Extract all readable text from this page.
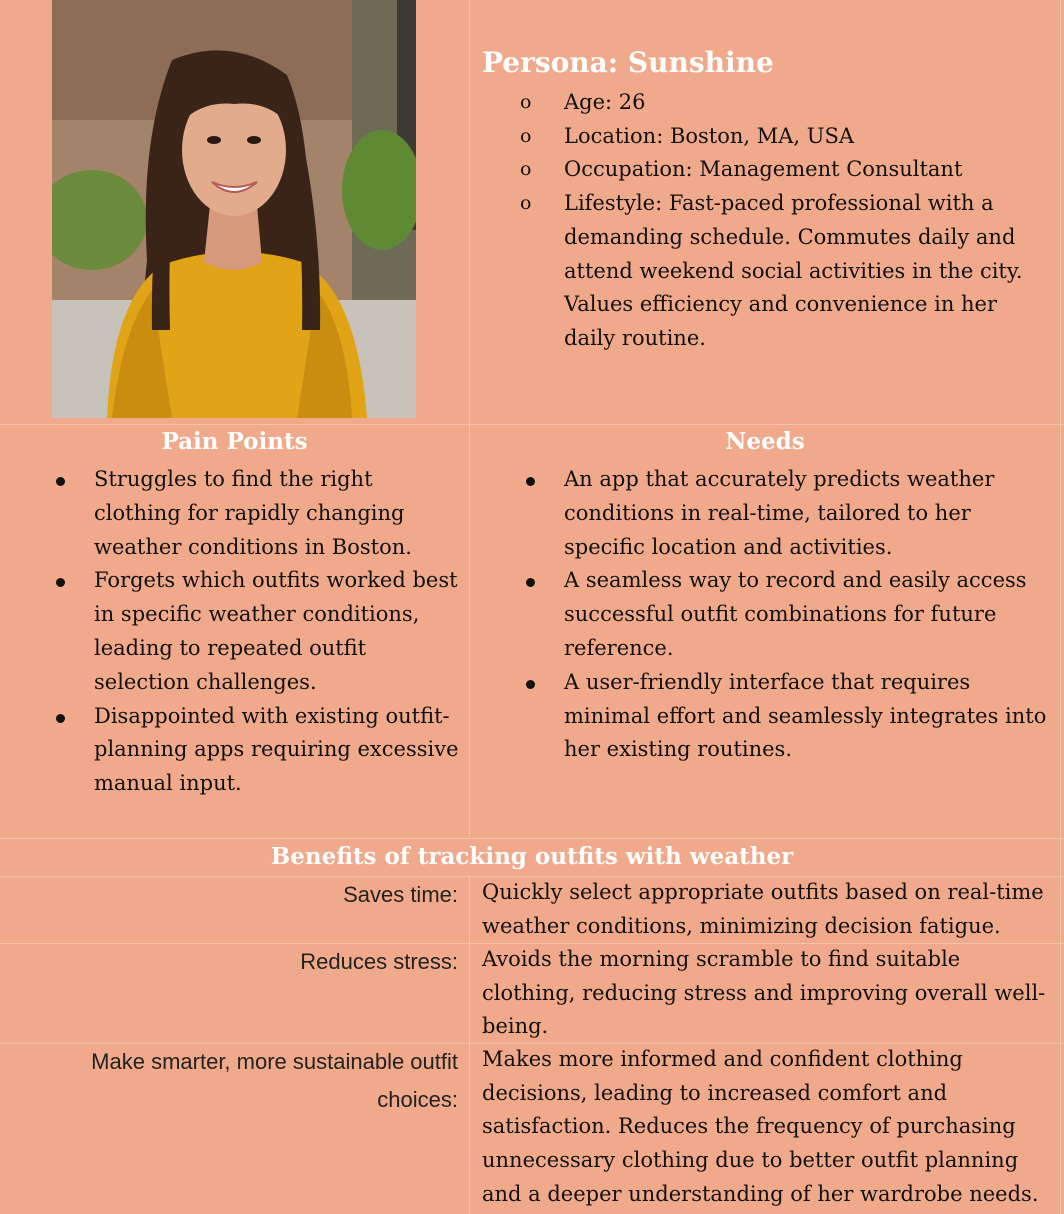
Persona: Sunshine
o Age: 26
o Location: Boston, MA, USA
o Occupation: Management Consultant
o Lifestyle: Fast-paced professional with a demanding schedule. Commutes daily and attend weekend social activities in the city. Values efficiency and convenience in her daily routine.
Pain Points
Struggles to find the right clothing for rapidly changing weather conditions in Boston.
Forgets which outfits worked best in specific weather conditions, leading to repeated outfit selection challenges.
Disappointed with existing outfit-planning apps requiring excessive manual input.
Needs
An app that accurately predicts weather conditions in real-time, tailored to her specific location and activities.
A seamless way to record and easily access successful outfit combinations for future reference.
A user-friendly interface that requires minimal effort and seamlessly integrates into her existing routines.
Benefits of tracking outfits with weather
Saves time: Quickly select appropriate outfits based on real-time weather conditions, minimizing decision fatigue.
Reduces stress: Avoids the morning scramble to find suitable clothing, reducing stress and improving overall well-being.
Make smarter, more sustainable outfit choices:
Makes more informed and confident clothing decisions, leading to increased comfort and satisfaction. Reduces the frequency of purchasing unnecessary clothing due to better outfit planning and a deeper understanding of her wardrobe needs.
